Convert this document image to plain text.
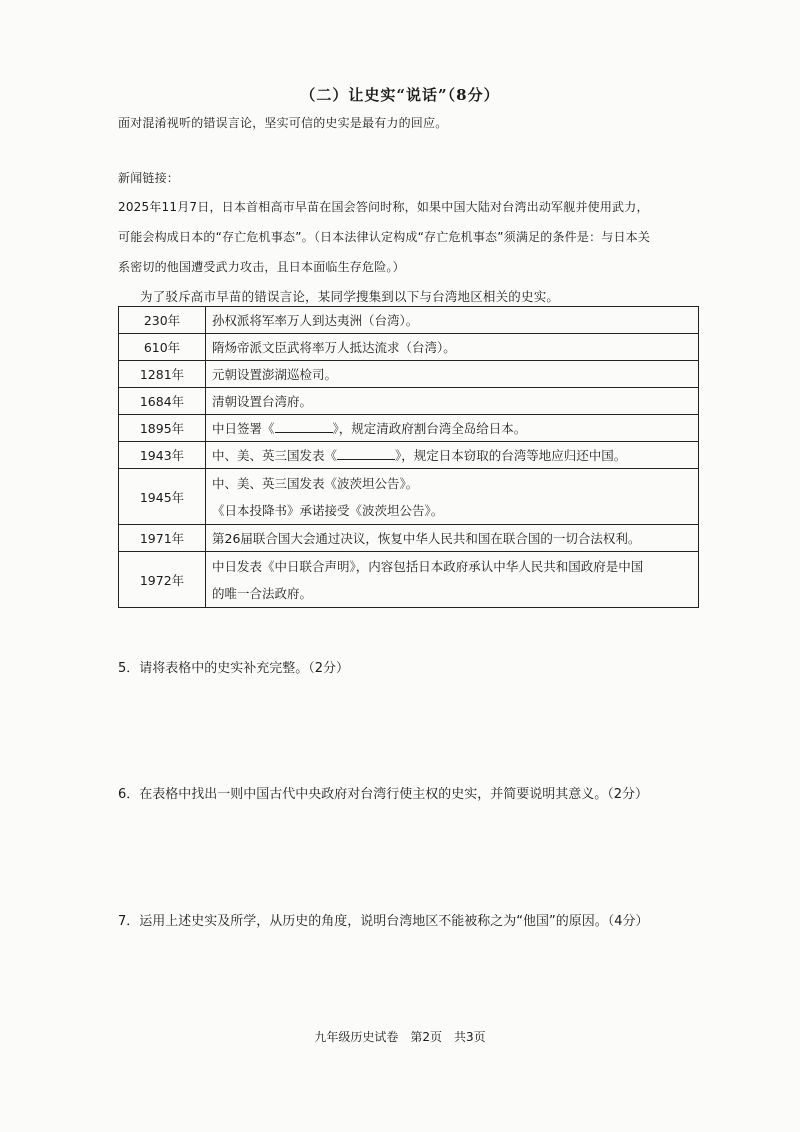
（二）让史实“说话”（8分）
面对混淆视听的错误言论，坚实可信的史实是最有力的回应。
新闻链接：
2025年11月7日，日本首相高市早苗在国会答问时称，如果中国大陆对台湾出动军舰并使用武力，
可能会构成日本的“存亡危机事态”。（日本法律认定构成“存亡危机事态”须满足的条件是：与日本关
系密切的他国遭受武力攻击，且日本面临生存危险。）
为了驳斥高市早苗的错误言论，某同学搜集到以下与台湾地区相关的史实。
230年	孙权派将军率万人到达夷洲（台湾）。
610年	隋炀帝派文臣武将率万人抵达流求（台湾）。
1281年	元朝设置澎湖巡检司。
1684年	清朝设置台湾府。
1895年	中日签署《 》，规定清政府割台湾全岛给日本。
1943年	中、美、英三国发表《 》，规定日本窃取的台湾等地应归还中国。
1945年	中、美、英三国发表《波茨坦公告》。
《日本投降书》承诺接受《波茨坦公告》。

1971年	第26届联合国大会通过决议，恢复中华人民共和国在联合国的一切合法权利。
1972年	中日发表《中日联合声明》，内容包括日本政府承认中华人民共和国政府是中国
的唯一合法政府。
5．请将表格中的史实补充完整。（2分）
6．在表格中找出一则中国古代中央政府对台湾行使主权的史实，并简要说明其意义。（2分）
7．运用上述史实及所学，从历史的角度，说明台湾地区不能被称之为“他国”的原因。（4分）
九年级历史试卷　第2页　共3页
